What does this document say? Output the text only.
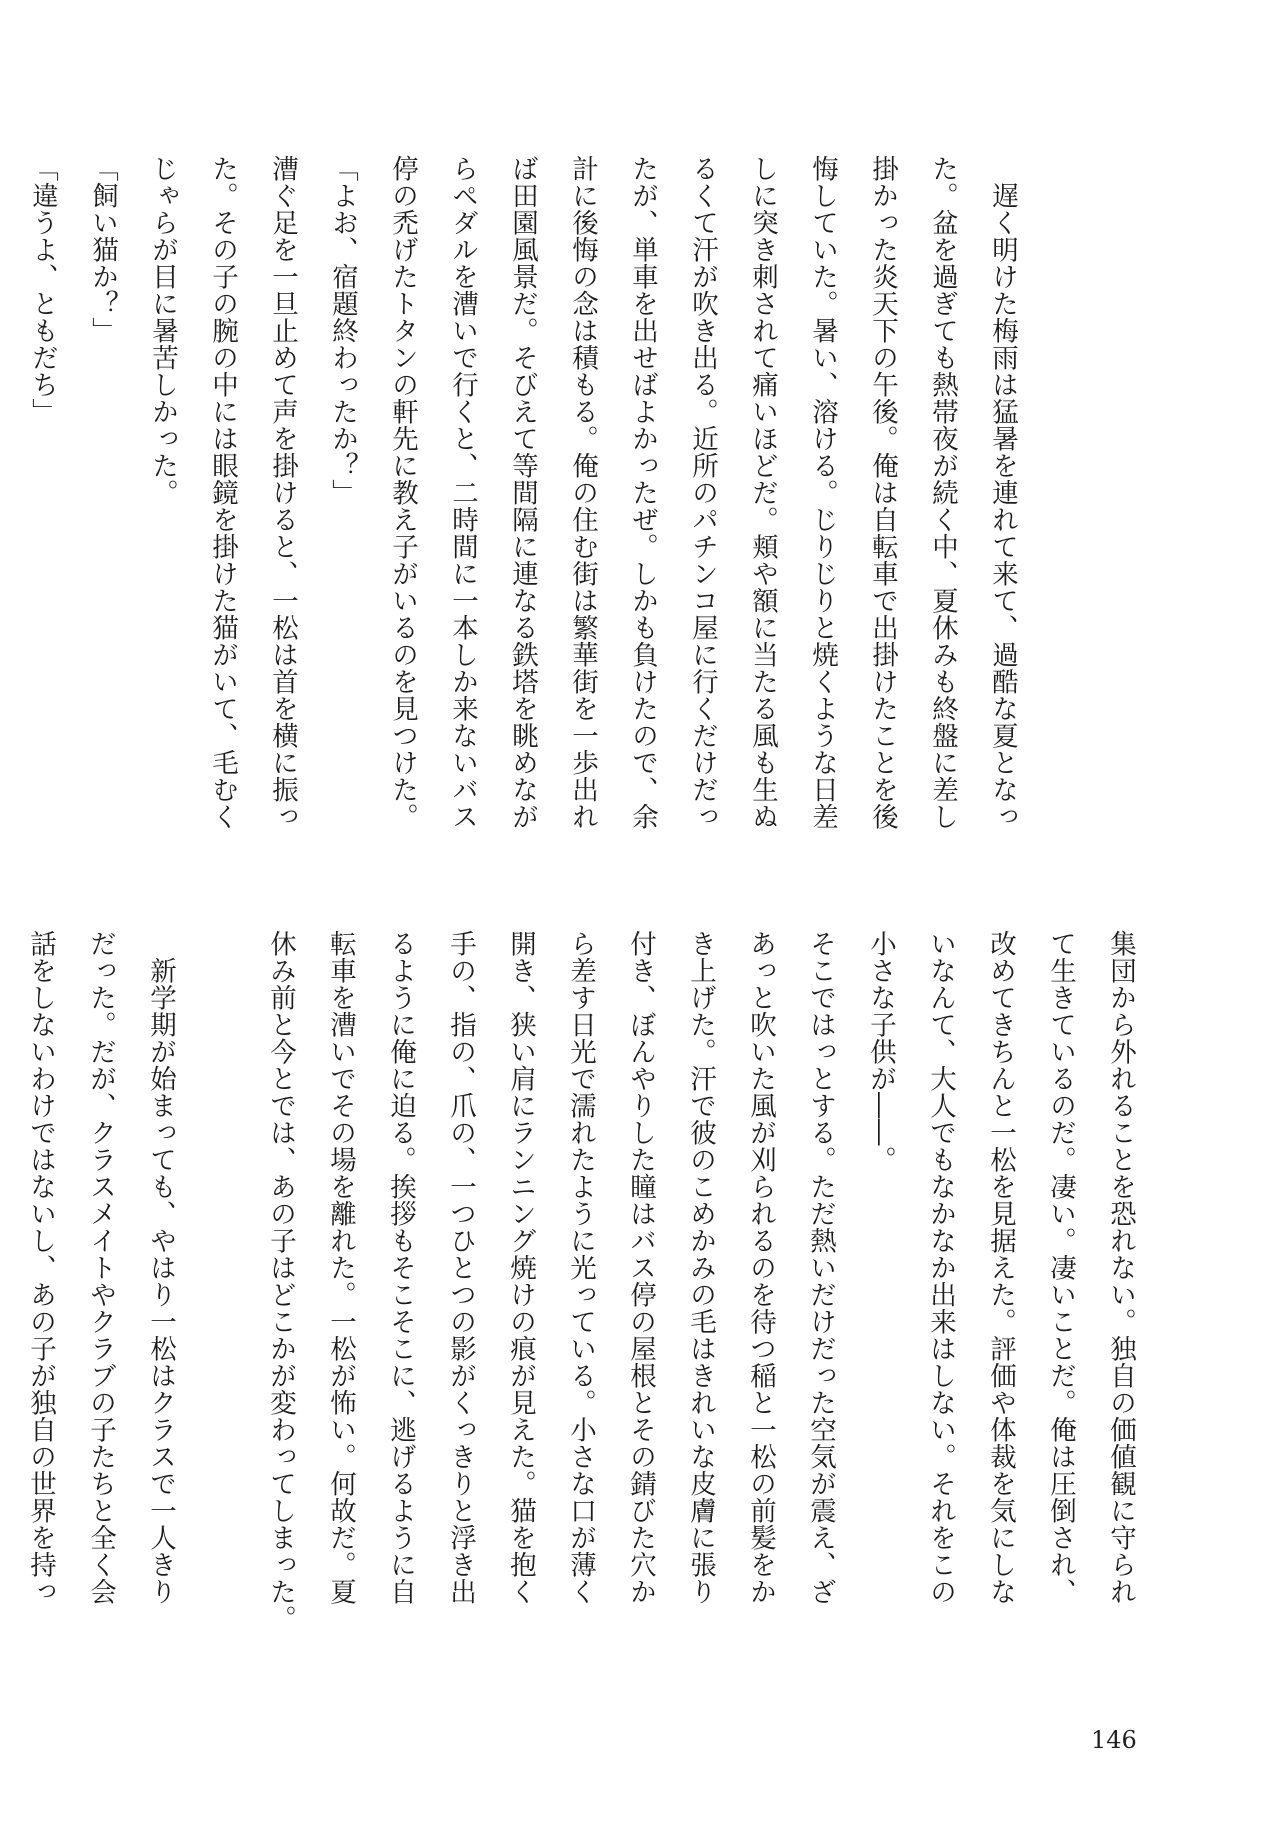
　遅く明けた梅雨は猛暑を連れて来て、過酷な夏となっ
た。盆を過ぎても熱帯夜が続く中、夏休みも終盤に差し
掛かった炎天下の午後。俺は自転車で出掛けたことを後
悔していた。暑い、溶ける。じりじりと焼くような日差
しに突き刺されて痛いほどだ。頬や額に当たる風も生ぬ
るくて汗が吹き出る。近所のパチンコ屋に行くだけだっ
たが、単車を出せばよかったぜ。しかも負けたので、余
計に後悔の念は積もる。俺の住む街は繁華街を一歩出れ
ば田園風景だ。そびえて等間隔に連なる鉄塔を眺めなが
らペダルを漕いで行くと、二時間に一本しか来ないバス
停の禿げたトタンの軒先に教え子がいるのを見つけた。
「よお、宿題終わったか？」
漕ぐ足を一旦止めて声を掛けると、一松は首を横に振っ
た。その子の腕の中には眼鏡を掛けた猫がいて、毛むく
じゃらが目に暑苦しかった。
「飼い猫か？」
「違うよ、ともだち」
集団から外れることを恐れない。独自の価値観に守られ
て生きているのだ。凄い。凄いことだ。俺は圧倒され、
改めてきちんと一松を見据えた。評価や体裁を気にしな
いなんて、大人でもなかなか出来はしない。それをこの
小さな子供が――。
そこではっとする。ただ熱いだけだった空気が震え、ざ
あっと吹いた風が刈られるのを待つ稲と一松の前髪をか
き上げた。汗で彼のこめかみの毛はきれいな皮膚に張り
付き、ぼんやりした瞳はバス停の屋根とその錆びた穴か
ら差す日光で濡れたように光っている。小さな口が薄く
開き、狭い肩にランニング焼けの痕が見えた。猫を抱く
手の、指の、爪の、一つひとつの影がくっきりと浮き出
るように俺に迫る。挨拶もそこそこに、逃げるように自
転車を漕いでその場を離れた。一松が怖い。何故だ。夏
休み前と今とでは、あの子はどこかが変わってしまった。

　新学期が始まっても、やはり一松はクラスで一人きり
だった。だが、クラスメイトやクラブの子たちと全く会
話をしないわけではないし、あの子が独自の世界を持っ
146
